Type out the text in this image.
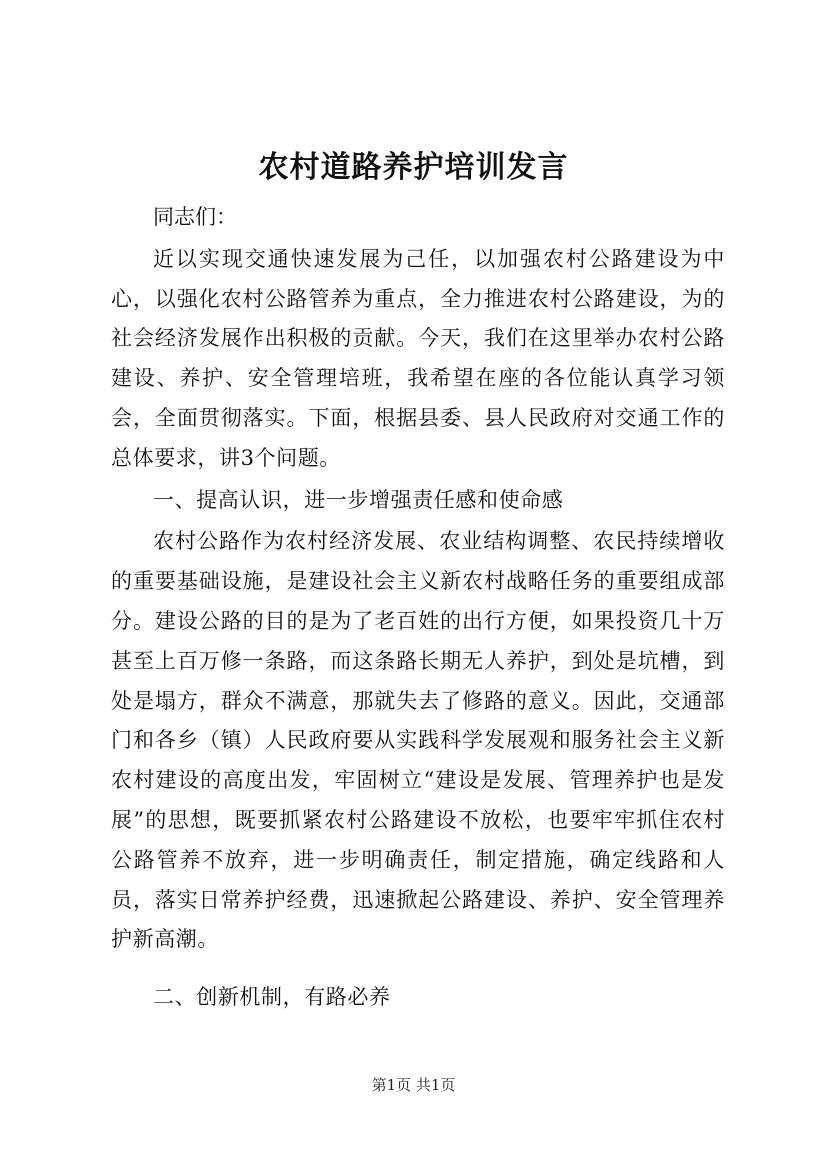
农村道路养护培训发言

同志们：

近以实现交通快速发展为己任，以加强农村公路建设为中心，以强化农村公路管养为重点，全力推进农村公路建设，为的社会经济发展作出积极的贡献。今天，我们在这里举办农村公路建设、养护、安全管理培班，我希望在座的各位能认真学习领会，全面贯彻落实。下面，根据县委、县人民政府对交通工作的总体要求，讲3个问题。

一、提高认识，进一步增强责任感和使命感

农村公路作为农村经济发展、农业结构调整、农民持续增收的重要基础设施，是建设社会主义新农村战略任务的重要组成部分。建设公路的目的是为了老百姓的出行方便，如果投资几十万甚至上百万修一条路，而这条路长期无人养护，到处是坑槽，到处是塌方，群众不满意，那就失去了修路的意义。因此，交通部门和各乡（镇）人民政府要从实践科学发展观和服务社会主义新农村建设的高度出发，牢固树立“建设是发展、管理养护也是发展”的思想，既要抓紧农村公路建设不放松，也要牢牢抓住农村公路管养不放弃，进一步明确责任，制定措施，确定线路和人员，落实日常养护经费，迅速掀起公路建设、养护、安全管理养护新高潮。

二、创新机制，有路必养

第1页 共1页
